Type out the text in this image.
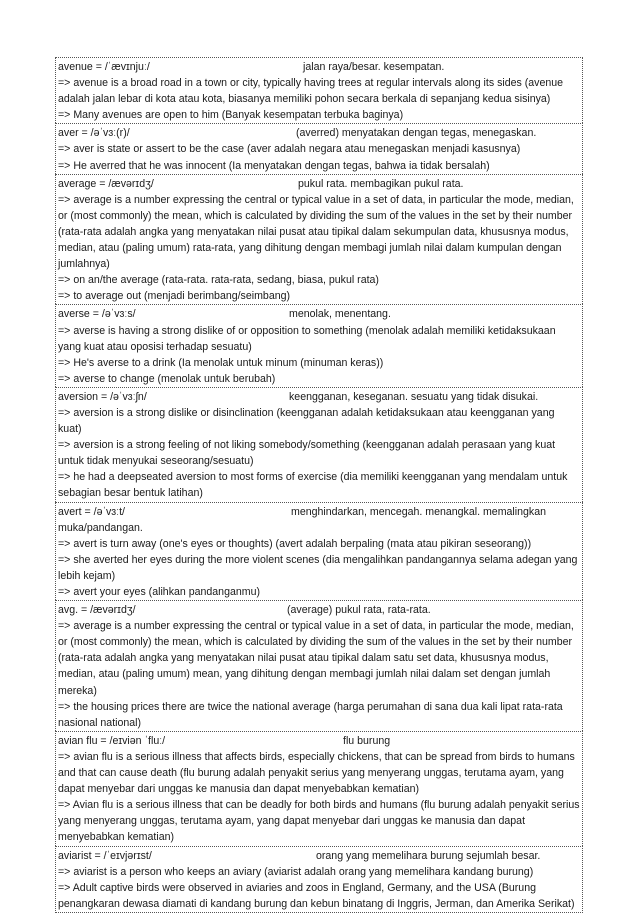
avenue = /ˈævɪnjuː/	jalan raya/besar. kesempatan.
=> avenue is a broad road in a town or city, typically having trees at regular intervals along its sides (avenue adalah jalan lebar di kota atau kota, biasanya memiliki pohon secara berkala di sepanjang kedua sisinya)
=> Many avenues are open to him (Banyak kesempatan terbuka baginya)
aver = /əˈvɜː(r)/	(averred) menyatakan dengan tegas, menegaskan.
=> aver is state or assert to be the case (aver adalah negara atau menegaskan menjadi kasusnya)
=> He averred that he was innocent (Ia menyatakan dengan tegas, bahwa ia tidak bersalah)
average = /ævərɪdʒ/	pukul rata. membagikan pukul rata.
=> average is a number expressing the central or typical value in a set of data, in particular the mode, median, or (most commonly) the mean, which is calculated by dividing the sum of the values in the set by their number (rata-rata adalah angka yang menyatakan nilai pusat atau tipikal dalam sekumpulan data, khususnya modus, median, atau (paling umum) rata-rata, yang dihitung dengan membagi jumlah nilai dalam kumpulan dengan jumlahnya)
=> on an/the average (rata-rata. rata-rata, sedang, biasa, pukul rata)
=> to average out (menjadi berimbang/seimbang)
averse = /əˈvɜːs/	menolak, menentang.
=> averse is having a strong dislike of or opposition to something (menolak adalah memiliki ketidaksukaan yang kuat atau oposisi terhadap sesuatu)
=> He's averse to a drink (Ia menolak untuk minum (minuman keras))
=> averse to change (menolak untuk berubah)
aversion = /əˈvɜːʃn/	keengganan, keseganan. sesuatu yang tidak disukai.
=> aversion is a strong dislike or disinclination (keengganan adalah ketidaksukaan atau keengganan yang kuat)
=> aversion is a strong feeling of not liking somebody/something (keengganan adalah perasaan yang kuat untuk tidak menyukai seseorang/sesuatu)
=> he had a deepseated aversion to most forms of exercise (dia memiliki keengganan yang mendalam untuk sebagian besar bentuk latihan)
avert = /əˈvɜːt/	menghindarkan, mencegah. menangkal. memalingkan
muka/pandangan.
=> avert is turn away (one's eyes or thoughts) (avert adalah berpaling (mata atau pikiran seseorang))
=> she averted her eyes during the more violent scenes (dia mengalihkan pandangannya selama adegan yang lebih kejam)
=> avert your eyes (alihkan pandanganmu)
avg. = /ævərɪdʒ/	(average) pukul rata, rata-rata.
=> average is a number expressing the central or typical value in a set of data, in particular the mode, median, or (most commonly) the mean, which is calculated by dividing the sum of the values in the set by their number (rata-rata adalah angka yang menyatakan nilai pusat atau tipikal dalam satu set data, khususnya modus, median, atau (paling umum) mean, yang dihitung dengan membagi jumlah nilai dalam set dengan jumlah mereka)
=> the housing prices there are twice the national average (harga perumahan di sana dua kali lipat rata-rata nasional national)
avian flu = /eɪviən ˈfluː/	flu burung
=> avian flu is a serious illness that affects birds, especially chickens, that can be spread from birds to humans and that can cause death (flu burung adalah penyakit serius yang menyerang unggas, terutama ayam, yang dapat menyebar dari unggas ke manusia dan dapat menyebabkan kematian)
=> Avian flu is a serious illness that can be deadly for both birds and humans (flu burung adalah penyakit serius yang menyerang unggas, terutama ayam, yang dapat menyebar dari unggas ke manusia dan dapat menyebabkan kematian)
aviarist = /ˈeɪvjərɪst/	orang yang memelihara burung sejumlah besar.
=> aviarist is a person who keeps an aviary (aviarist adalah orang yang memelihara kandang burung)
=> Adult captive birds were observed in aviaries and zoos in England, Germany, and the USA (Burung penangkaran dewasa diamati di kandang burung dan kebun binatang di Inggris, Jerman, dan Amerika Serikat)
